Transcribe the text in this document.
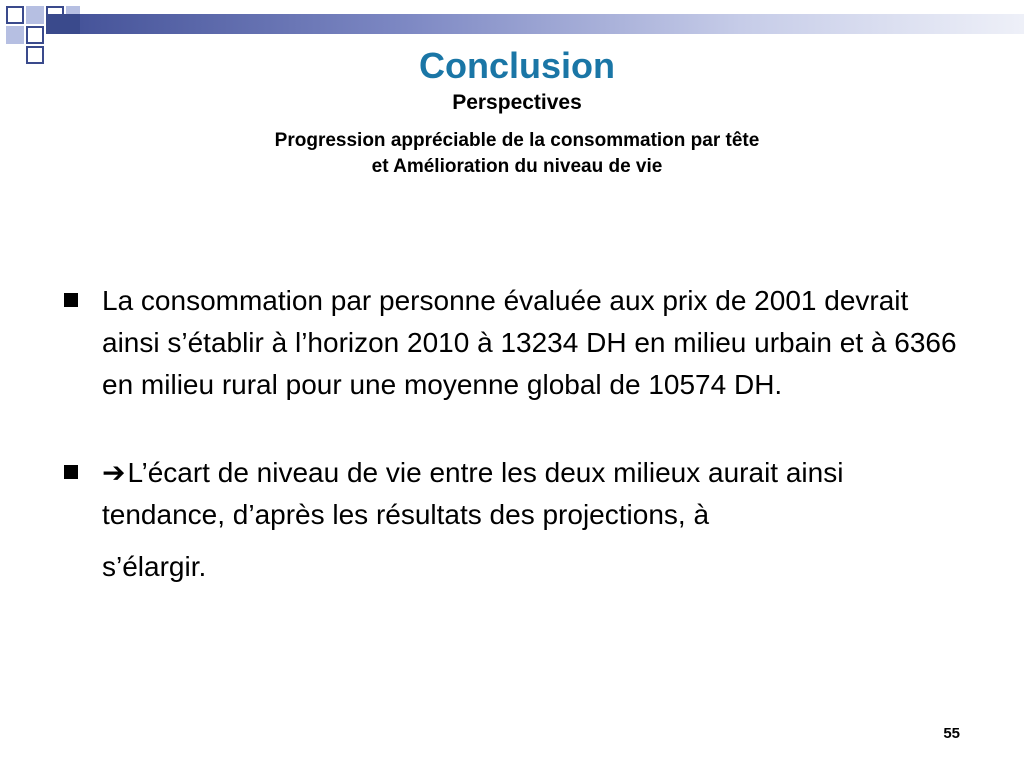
Conclusion
Perspectives
Progression appréciable de la consommation par tête
et Amélioration du niveau de vie
La consommation par personne évaluée aux prix de 2001 devrait ainsi s’établir à l’horizon 2010 à 13234 DH en milieu urbain et à 6366 en milieu rural pour une moyenne global de 10574 DH.
➔L’écart de niveau de vie entre les deux milieux aurait ainsi tendance, d’après les résultats des projections, à
s’élargir.
55
